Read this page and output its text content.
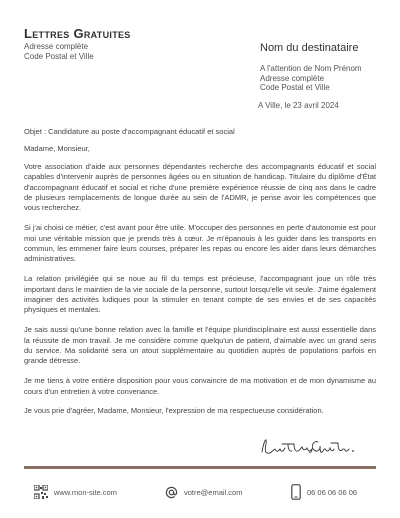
Lettres Gratuites
Adresse complète
Code Postal et Ville
Nom du destinataire
A l'attention de Nom Prénom
Adresse complète
Code Postal et Ville
A Ville, le 23 avril 2024

Objet : Candidature au poste d'accompagnant éducatif et social

Madame, Monsieur,

Votre association d'aide aux personnes dépendantes recherche des accompagnants éducatif et social capables d'intervenir auprès de personnes âgées ou en situation de handicap. Titulaire du diplôme d'État d'accompagnant éducatif et social et riche d'une première expérience réussie de cinq ans dans le cadre de plusieurs remplacements de longue durée au sein de l'ADMR, je pense avoir les compétences que vous recherchez.

Si j'ai choisi ce métier, c'est avant pour être utile. M'occuper des personnes en perte d'autonomie est pour moi une véritable mission que je prends très à cœur. Je m'épanouis à les guider dans les transports en commun, les emmener faire leurs courses, préparer les repas ou encore les aider dans leurs démarches administratives.

La relation privilégiée qui se noue au fil du temps est précieuse, l'accompagnant joue un rôle très important dans le maintien de la vie sociale de la personne, surtout lorsqu'elle vit seule. J'aime également imaginer des activités ludiques pour la stimuler en tenant compte de ses envies et de ses capacités physiques et mentales.

Je sais aussi qu'une bonne relation avec la famille et l'équipe pluridisciplinaire est aussi essentielle dans la réussite de mon travail. Je me considère comme quelqu'un de patient, d'aimable avec un grand sens du service. Ma solidarité sera un atout supplémentaire au quotidien auprès de populations parfois en grande détresse.

Je me tiens à votre entière disposition pour vous convaincre de ma motivation et de mon dynamisme au cours d'un entretien à votre convenance.

Je vous prie d'agréer, Madame, Monsieur, l'expression de ma respectueuse considération.

www.mon-site.com	votre@email.com	06 06 06 06 06
